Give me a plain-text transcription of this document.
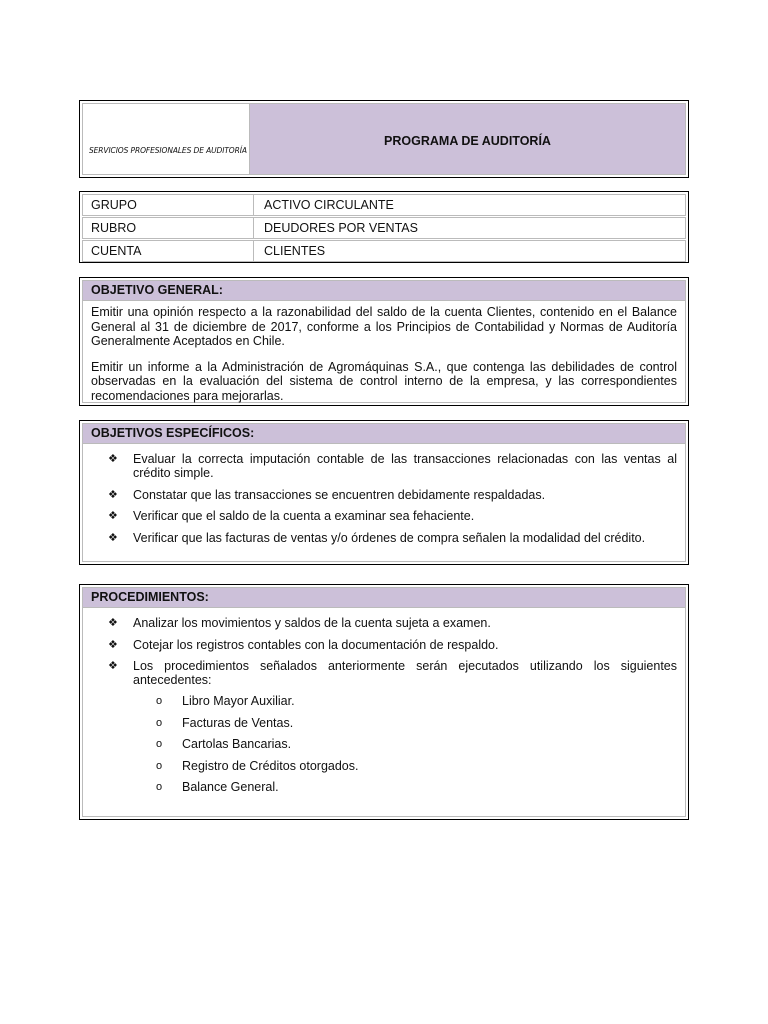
SERVICIOS PROFESIONALES DE AUDITORÍA
PROGRAMA DE AUDITORÍA
GRUPO	ACTIVO CIRCULANTE
RUBRO	DEUDORES POR VENTAS
CUENTA	CLIENTES
OBJETIVO GENERAL:

Emitir una opinión respecto a la razonabilidad del saldo de la cuenta Clientes, contenido en el Balance General al 31 de diciembre de 2017, conforme a los Principios de Contabilidad y Normas de Auditoría Generalmente Aceptados en Chile.

Emitir un informe a la Administración de Agromáquinas S.A., que contenga las debilidades de control observadas en la evaluación del sistema de control interno de la empresa, y las correspondientes recomendaciones para mejorarlas.

OBJETIVOS ESPECÍFICOS:
❖ Evaluar la correcta imputación contable de las transacciones relacionadas con las ventas al crédito simple.
❖ Constatar que las transacciones se encuentren debidamente respaldadas.
❖ Verificar que el saldo de la cuenta a examinar sea fehaciente.
❖ Verificar que las facturas de ventas y/o órdenes de compra señalen la modalidad del crédito.
PROCEDIMIENTOS:
❖ Analizar los movimientos y saldos de la cuenta sujeta a examen.
❖ Cotejar los registros contables con la documentación de respaldo.
❖ Los procedimientos señalados anteriormente serán ejecutados utilizando los siguientes antecedentes:
o Libro Mayor Auxiliar.
o Facturas de Ventas.
o Cartolas Bancarias.
o Registro de Créditos otorgados.
o Balance General.
